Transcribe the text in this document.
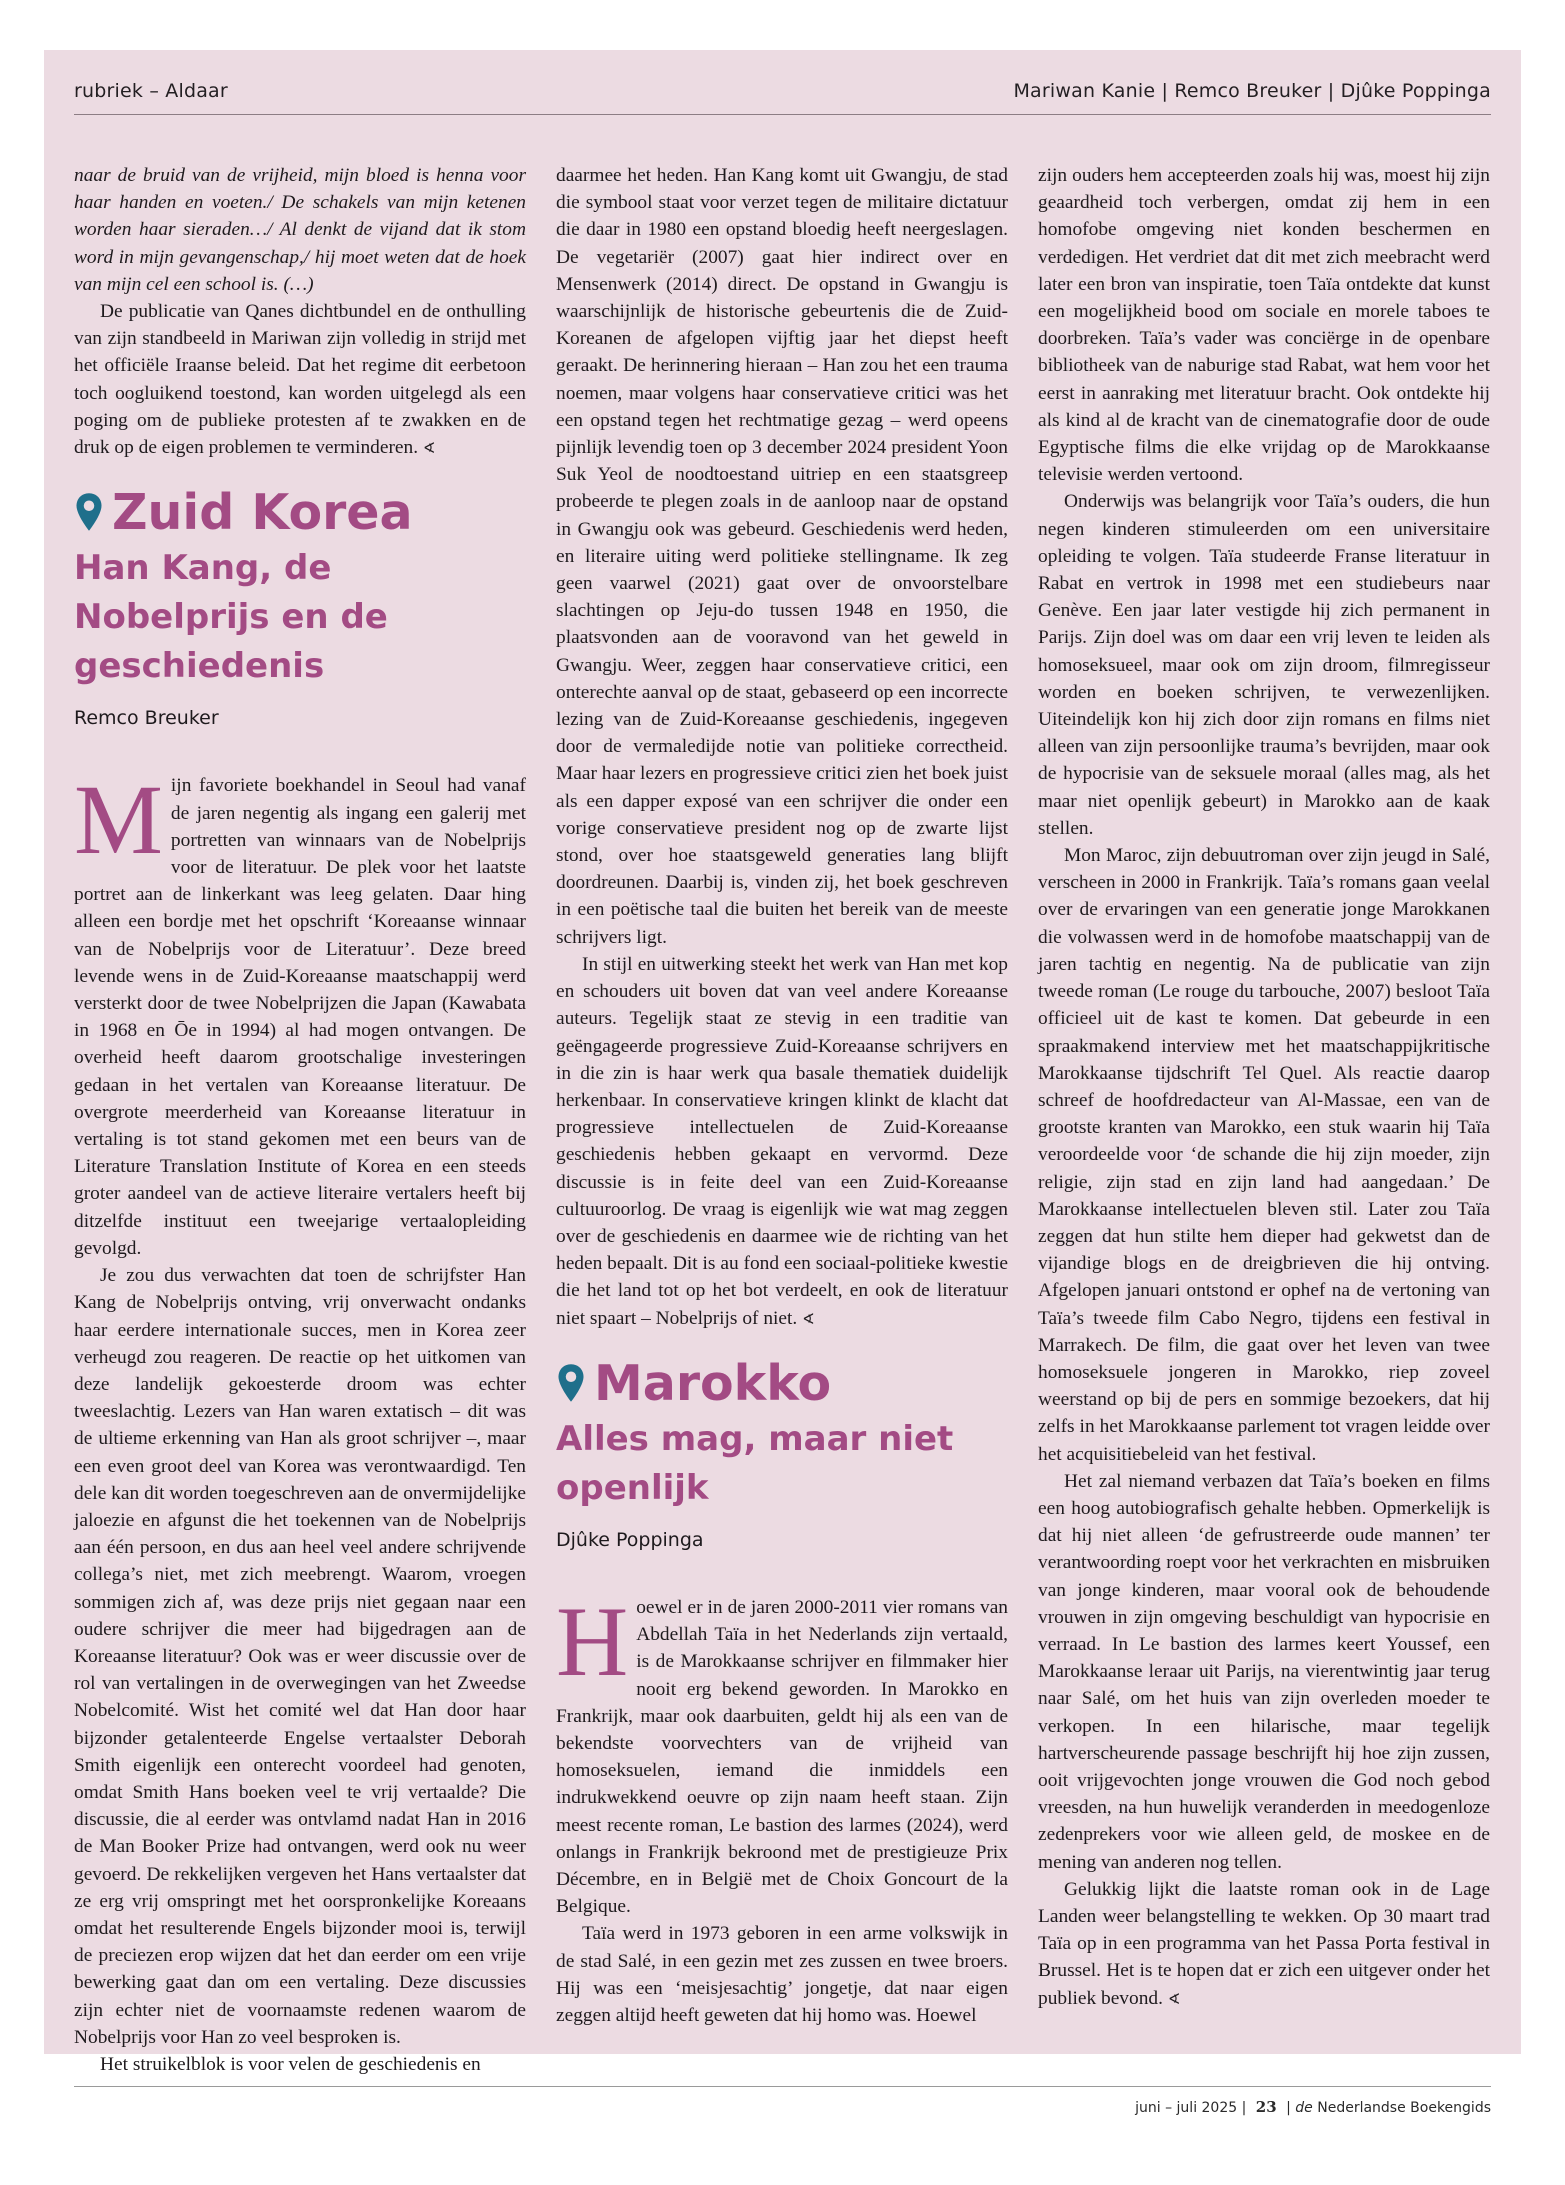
rubriek – Aldaar	Mariwan Kanie | Remco Breuker | Djûke Poppinga

naar de bruid van de vrijheid, mijn bloed is henna voor haar handen en voeten./ De schakels van mijn ketenen worden haar sieraden…/ Al denkt de vijand dat ik stom word in mijn gevangenschap,/ hij moet weten dat de hoek van mijn cel een school is. (…)

De publicatie van Qanes dichtbundel en de onthulling van zijn standbeeld in Mariwan zijn volledig in strijd met het officiële Iraanse beleid. Dat het regime dit eerbetoon toch oogluikend toestond, kan worden uitgelegd als een poging om de publieke protesten af te zwakken en de druk op de eigen problemen te verminderen. ∢

Zuid Korea
Han Kang, de Nobelprijs en de geschiedenis
Remco Breuker

Mijn favoriete boekhandel in Seoul had vanaf de jaren negentig als ingang een galerij met portretten van winnaars van de Nobelprijs voor de literatuur. De plek voor het laatste portret aan de linkerkant was leeg gelaten. Daar hing alleen een bordje met het opschrift ‘Koreaanse winnaar van de Nobelprijs voor de Literatuur’. Deze breed levende wens in de Zuid-Koreaanse maatschappij werd versterkt door de twee Nobelprijzen die Japan (Kawabata in 1968 en Ōe in 1994) al had mogen ontvangen. De overheid heeft daarom grootschalige investeringen gedaan in het vertalen van Koreaanse literatuur. De overgrote meerderheid van Koreaanse literatuur in vertaling is tot stand gekomen met een beurs van de Literature Translation Institute of Korea en een steeds groter aandeel van de actieve literaire vertalers heeft bij ditzelfde instituut een tweejarige vertaalopleiding gevolgd.

Je zou dus verwachten dat toen de schrijfster Han Kang de Nobelprijs ontving, vrij onverwacht ondanks haar eerdere internationale succes, men in Korea zeer verheugd zou reageren. De reactie op het uitkomen van deze landelijk gekoesterde droom was echter tweeslachtig. Lezers van Han waren extatisch – dit was de ultieme erkenning van Han als groot schrijver –, maar een even groot deel van Korea was verontwaardigd. Ten dele kan dit worden toegeschreven aan de onvermijdelijke jaloezie en afgunst die het toekennen van de Nobelprijs aan één persoon, en dus aan heel veel andere schrijvende collega’s niet, met zich meebrengt. Waarom, vroegen sommigen zich af, was deze prijs niet gegaan naar een oudere schrijver die meer had bijgedragen aan de Koreaanse literatuur? Ook was er weer discussie over de rol van vertalingen in de overwegingen van het Zweedse Nobelcomité. Wist het comité wel dat Han door haar bijzonder getalenteerde Engelse vertaalster Deborah Smith eigenlijk een onterecht voordeel had genoten, omdat Smith Hans boeken veel te vrij vertaalde? Die discussie, die al eerder was ontvlamd nadat Han in 2016 de Man Booker Prize had ontvangen, werd ook nu weer gevoerd. De rekkelijken vergeven het Hans vertaalster dat ze erg vrij omspringt met het oorspronkelijke Koreaans omdat het resulterende Engels bijzonder mooi is, terwijl de preciezen erop wijzen dat het dan eerder om een vrije bewerking gaat dan om een vertaling. Deze discussies zijn echter niet de voornaamste redenen waarom de Nobelprijs voor Han zo veel besproken is.

Het struikelblok is voor velen de geschiedenis en

daarmee het heden. Han Kang komt uit Gwangju, de stad die symbool staat voor verzet tegen de militaire dictatuur die daar in 1980 een opstand bloedig heeft neergeslagen. De vegetariër (2007) gaat hier indirect over en Mensenwerk (2014) direct. De opstand in Gwangju is waarschijnlijk de historische gebeurtenis die de Zuid-Koreanen de afgelopen vijftig jaar het diepst heeft geraakt. De herinnering hieraan – Han zou het een trauma noemen, maar volgens haar conservatieve critici was het een opstand tegen het rechtmatige gezag – werd opeens pijnlijk levendig toen op 3 december 2024 president Yoon Suk Yeol de noodtoestand uitriep en een staatsgreep probeerde te plegen zoals in de aanloop naar de opstand in Gwangju ook was gebeurd. Geschiedenis werd heden, en literaire uiting werd politieke stellingname. Ik zeg geen vaarwel (2021) gaat over de onvoorstelbare slachtingen op Jeju-do tussen 1948 en 1950, die plaatsvonden aan de vooravond van het geweld in Gwangju. Weer, zeggen haar conservatieve critici, een onterechte aanval op de staat, gebaseerd op een incorrecte lezing van de Zuid-Koreaanse geschiedenis, ingegeven door de vermaledijde notie van politieke correctheid. Maar haar lezers en progressieve critici zien het boek juist als een dapper exposé van een schrijver die onder een vorige conservatieve president nog op de zwarte lijst stond, over hoe staatsgeweld generaties lang blijft doordreunen. Daarbij is, vinden zij, het boek geschreven in een poëtische taal die buiten het bereik van de meeste schrijvers ligt.

In stijl en uitwerking steekt het werk van Han met kop en schouders uit boven dat van veel andere Koreaanse auteurs. Tegelijk staat ze stevig in een traditie van geëngageerde progressieve Zuid-Koreaanse schrijvers en in die zin is haar werk qua basale thematiek duidelijk herkenbaar. In conservatieve kringen klinkt de klacht dat progressieve intellectuelen de Zuid-Koreaanse geschiedenis hebben gekaapt en vervormd. Deze discussie is in feite deel van een Zuid-Koreaanse cultuuroorlog. De vraag is eigenlijk wie wat mag zeggen over de geschiedenis en daarmee wie de richting van het heden bepaalt. Dit is au fond een sociaal-politieke kwestie die het land tot op het bot verdeelt, en ook de literatuur niet spaart – Nobelprijs of niet. ∢

Marokko
Alles mag, maar niet openlijk
Djûke Poppinga

Hoewel er in de jaren 2000-2011 vier romans van Abdellah Taïa in het Nederlands zijn vertaald, is de Marokkaanse schrijver en filmmaker hier nooit erg bekend geworden. In Marokko en Frankrijk, maar ook daarbuiten, geldt hij als een van de bekendste voorvechters van de vrijheid van homoseksuelen, iemand die inmiddels een indrukwekkend oeuvre op zijn naam heeft staan. Zijn meest recente roman, Le bastion des larmes (2024), werd onlangs in Frankrijk bekroond met de prestigieuze Prix Décembre, en in België met de Choix Goncourt de la Belgique.

Taïa werd in 1973 geboren in een arme volkswijk in de stad Salé, in een gezin met zes zussen en twee broers. Hij was een ‘meisjesachtig’ jongetje, dat naar eigen zeggen altijd heeft geweten dat hij homo was. Hoewel

zijn ouders hem accepteerden zoals hij was, moest hij zijn geaardheid toch verbergen, omdat zij hem in een homofobe omgeving niet konden beschermen en verdedigen. Het verdriet dat dit met zich meebracht werd later een bron van inspiratie, toen Taïa ontdekte dat kunst een mogelijkheid bood om sociale en morele taboes te doorbreken. Taïa’s vader was conciërge in de openbare bibliotheek van de naburige stad Rabat, wat hem voor het eerst in aanraking met literatuur bracht. Ook ontdekte hij als kind al de kracht van de cinematografie door de oude Egyptische films die elke vrijdag op de Marokkaanse televisie werden vertoond.

Onderwijs was belangrijk voor Taïa’s ouders, die hun negen kinderen stimuleerden om een universitaire opleiding te volgen. Taïa studeerde Franse literatuur in Rabat en vertrok in 1998 met een studiebeurs naar Genève. Een jaar later vestigde hij zich permanent in Parijs. Zijn doel was om daar een vrij leven te leiden als homoseksueel, maar ook om zijn droom, filmregisseur worden en boeken schrijven, te verwezenlijken. Uiteindelijk kon hij zich door zijn romans en films niet alleen van zijn persoonlijke trauma’s bevrijden, maar ook de hypocrisie van de seksuele moraal (alles mag, als het maar niet openlijk gebeurt) in Marokko aan de kaak stellen.

Mon Maroc, zijn debuutroman over zijn jeugd in Salé, verscheen in 2000 in Frankrijk. Taïa’s romans gaan veelal over de ervaringen van een generatie jonge Marokkanen die volwassen werd in de homofobe maatschappij van de jaren tachtig en negentig. Na de publicatie van zijn tweede roman (Le rouge du tarbouche, 2007) besloot Taïa officieel uit de kast te komen. Dat gebeurde in een spraakmakend interview met het maatschappijkritische Marokkaanse tijdschrift Tel Quel. Als reactie daarop schreef de hoofdredacteur van Al-Massae, een van de grootste kranten van Marokko, een stuk waarin hij Taïa veroordeelde voor ‘de schande die hij zijn moeder, zijn religie, zijn stad en zijn land had aangedaan.’ De Marokkaanse intellectuelen bleven stil. Later zou Taïa zeggen dat hun stilte hem dieper had gekwetst dan de vijandige blogs en de dreigbrieven die hij ontving. Afgelopen januari ontstond er ophef na de vertoning van Taïa’s tweede film Cabo Negro, tijdens een festival in Marrakech. De film, die gaat over het leven van twee homoseksuele jongeren in Marokko, riep zoveel weerstand op bij de pers en sommige bezoekers, dat hij zelfs in het Marokkaanse parlement tot vragen leidde over het acquisitiebeleid van het festival.

Het zal niemand verbazen dat Taïa’s boeken en films een hoog autobiografisch gehalte hebben. Opmerkelijk is dat hij niet alleen ‘de gefrustreerde oude mannen’ ter verantwoording roept voor het verkrachten en misbruiken van jonge kinderen, maar vooral ook de behoudende vrouwen in zijn omgeving beschuldigt van hypocrisie en verraad. In Le bastion des larmes keert Youssef, een Marokkaanse leraar uit Parijs, na vierentwintig jaar terug naar Salé, om het huis van zijn overleden moeder te verkopen. In een hilarische, maar tegelijk hartverscheurende passage beschrijft hij hoe zijn zussen, ooit vrijgevochten jonge vrouwen die God noch gebod vreesden, na hun huwelijk veranderden in meedogenloze zedenprekers voor wie alleen geld, de moskee en de mening van anderen nog tellen.

Gelukkig lijkt die laatste roman ook in de Lage Landen weer belangstelling te wekken. Op 30 maart trad Taïa op in een programma van het Passa Porta festival in Brussel. Het is te hopen dat er zich een uitgever onder het publiek bevond. ∢

juni – juli 2025 | 23 | de Nederlandse Boekengids
